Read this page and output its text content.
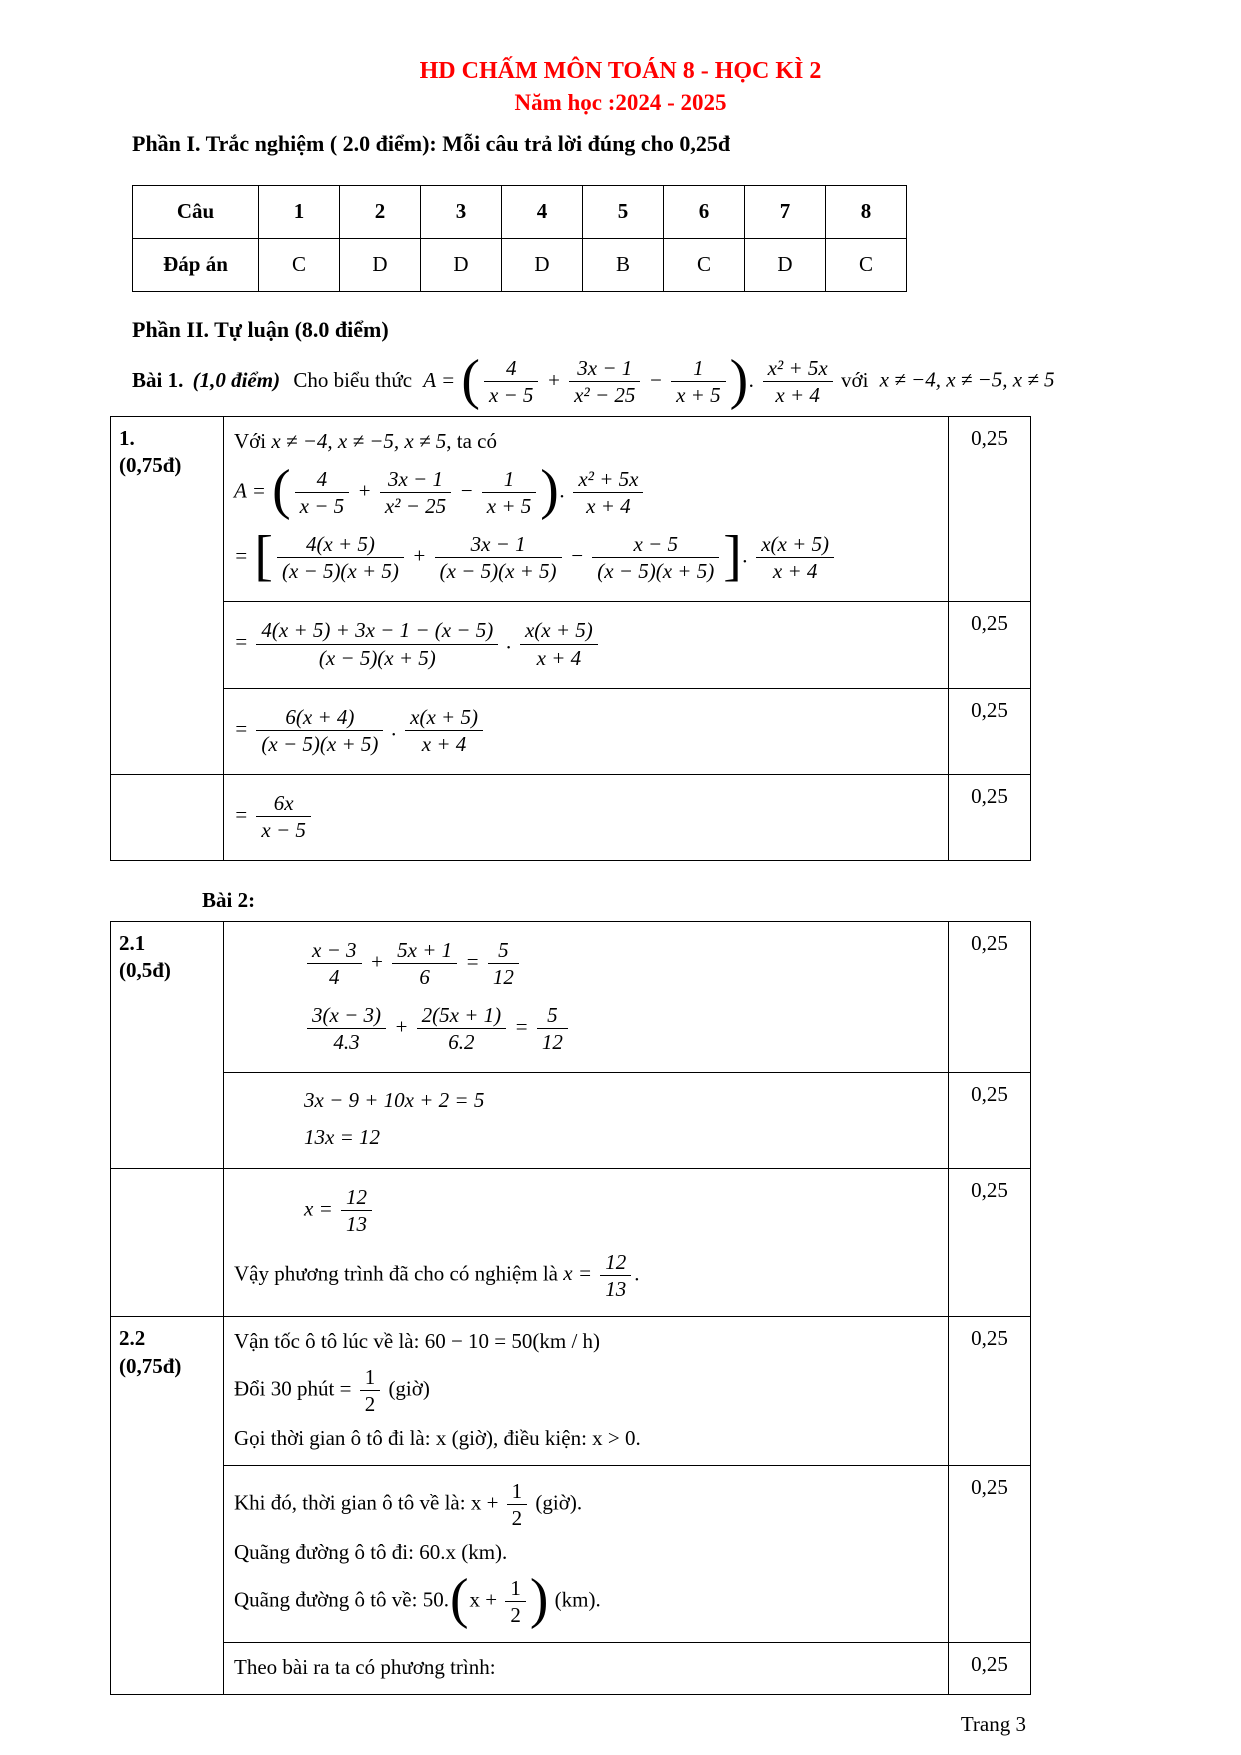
HD CHẤM MÔN TOÁN 8 - HỌC KÌ 2
Năm học :2024 - 2025
Phần I. Trắc nghiệm ( 2.0 điểm): Mỗi câu trả lời đúng cho 0,25đ
Câu	1	2	3	4	5	6	7	8
Đáp án	C	D	D	D	B	C	D	C
Phần II. Tự luận (8.0 điểm)
Bài 1. (1,0 điểm) Cho biểu thức A = ( $\frac{4}{x - 5} + \frac{3x - 1}{\text{x² − 25}} - \frac{1}{x + 5}$ ). $\frac{\text{x² + 5x}}{x + 4}$ với x ≠ −4, x ≠ −5, x ≠ 5
1.
(0,75đ)

Với x ≠ −4, x ≠ −5, x ≠ 5, ta có
A = ( $\frac{4}{x - 5} + \frac{3x - 1}{\text{x² − 25}} - \frac{1}{x + 5}$ ). $\frac{\text{x² + 5x}}{x + 4}$
= [ $\frac{4(x + 5)}{(x - 5)(x + 5)} + \frac{3x - 1}{(x - 5)(x + 5)} - \frac{x - 5}{(x - 5)(x + 5)}$ ]. $\frac{x(x + 5)}{x + 4}$
	0,25

= $\frac{4(x + 5) + 3x - 1 - (x - 5)}{(x - 5)(x + 5)}$ . $\frac{x(x + 5)}{x + 4}$	0,25

= $\frac{6(x + 4)}{(x - 5)(x + 5)}$ . $\frac{x(x + 5)}{x + 4}$	0,25

	= $\frac{6x}{x - 5}$	0,25
Bài 2:
2.1
(0,5đ)	$\frac{x - 3}{4} + \frac{5x + 1}{6} = \frac{5}{12}$
$\frac{3(x - 3)}{4.3} + \frac{2(5x + 1)}{6.2} = \frac{5}{12}$
	0,25

	3x − 9 + 10x + 2 = 5
13x = 12	0,25

$x = \frac{12}{13}$
Vậy phương trình đã cho có nghiệm là $x = \frac{12}{13}$ .
	0,25

2.2
(0,75đ)

Vận tốc ô tô lúc về là: 60 − 10 = 50(km / h)
Đổi 30 phút = $\frac{1}{2}$ (giờ)
Gọi thời gian ô tô đi là: x (giờ), điều kiện: x > 0.
	0,25

Khi đó, thời gian ô tô về là: $x + \frac{1}{2}$ (giờ).
Quãng đường ô tô đi: 60.x (km).
Quãng đường ô tô về: $50.(x + \frac{1}{2}$ ) (km).
	0,25

	Theo bài ra ta có phương trình:	0,25
Trang 3
